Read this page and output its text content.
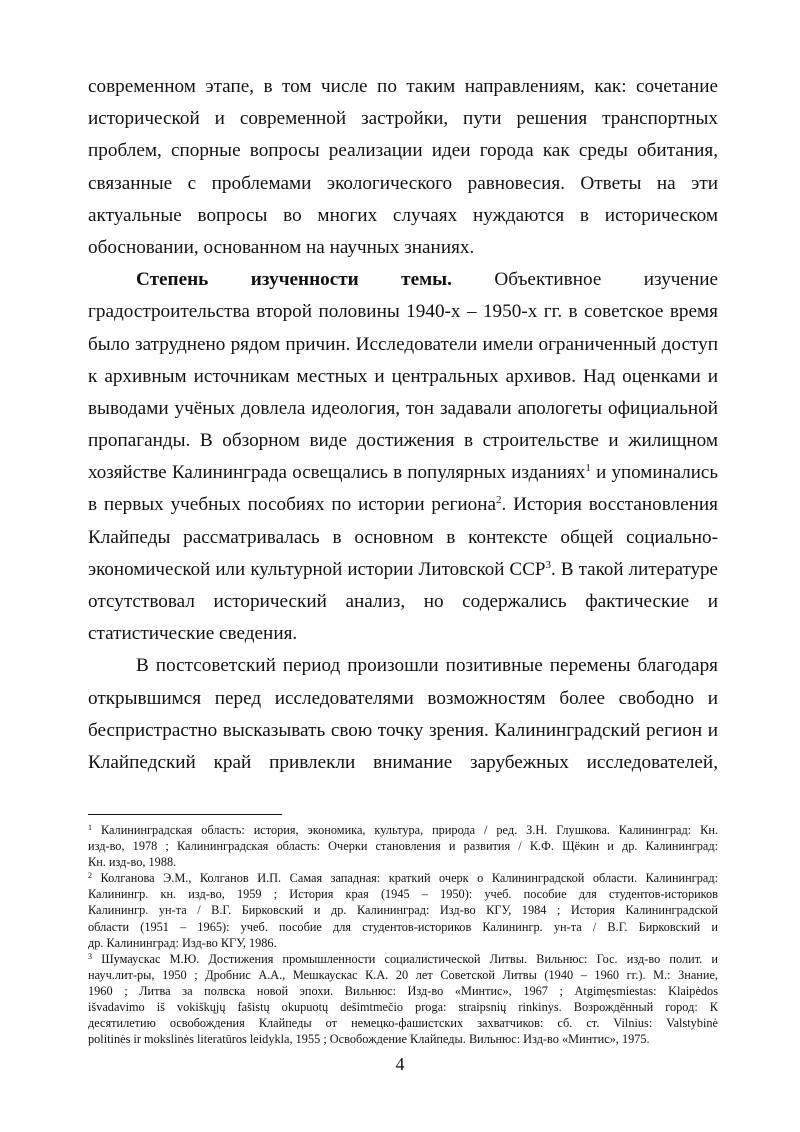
современном этапе, в том числе по таким направлениям, как: сочетание
исторической и современной застройки, пути решения транспортных
проблем, спорные вопросы реализации идеи города как среды обитания,
связанные с проблемами экологического равновесия. Ответы на эти
актуальные вопросы во многих случаях нуждаются в историческом
обосновании, основанном на научных знаниях.
Степень изученности темы. Объективное изучение
градостроительства второй половины 1940-х – 1950-х гг. в советское время
было затруднено рядом причин. Исследователи имели ограниченный доступ
к архивным источникам местных и центральных архивов. Над оценками и
выводами учёных довлела идеология, тон задавали апологеты официальной
пропаганды. В обзорном виде достижения в строительстве и жилищном
хозяйстве Калининграда освещались в популярных изданиях$^1$ и упоминались
в первых учебных пособиях по истории региона$^2$. История восстановления
Клайпеды рассматривалась в основном в контексте общей социально-
экономической или культурной истории Литовской ССР$^3$. В такой литературе
отсутствовал исторический анализ, но содержались фактические и
статистические сведения.
В постсоветский период произошли позитивные перемены благодаря
открывшимся перед исследователями возможностям более свободно и
беспристрастно высказывать свою точку зрения. Калининградский регион и
Клайпедский край привлекли внимание зарубежных исследователей,
$^1$ Калининградская область: история, экономика, культура, природа / ред. З.Н. Глушкова. Калининград: Кн.
изд-во, 1978 ; Калининградская область: Очерки становления и развития / К.Ф. Щёкин и др. Калининград:
Кн. изд-во, 1988.
$^2$ Колганова Э.М., Колганов И.П. Самая западная: краткий очерк о Калининградской области. Калининград:
Калинингр. кн. изд-во, 1959 ; История края (1945 – 1950): учеб. пособие для студентов-историков
Калинингр. ун-та / В.Г. Бирковский и др. Калининград: Изд-во КГУ, 1984 ; История Калининградской
области (1951 – 1965): учеб. пособие для студентов-историков Калинингр. ун-та / В.Г. Бирковский и
др. Калининград: Изд-во КГУ, 1986.
$^3$ Шумаускас М.Ю. Достижения промышленности социалистической Литвы. Вильнюс: Гос. изд-во полит. и
науч.лит-ры, 1950 ; Дробнис А.А., Мешкаускас К.А. 20 лет Советской Литвы (1940 – 1960 гг.). М.: Знание,
1960 ; Литва за полвска новой эпохи. Вильнюс: Изд-во «Минтис», 1967 ; Atgimęsmiestas: Klaipėdos
išvadavimo iš vokiškųjų fašistų okupuotų dešimtmečio proga: straipsnių rinkinys. Возрождённый город: К
десятилетию освобождения Клайпеды от немецко-фашистских захватчиков: сб. ст. Vilnius: Valstybinė
politinės ir mokslinės literatūros leidykla, 1955 ; Освобождение Клайпеды. Вильнюс: Изд-во «Минтис», 1975.
4
